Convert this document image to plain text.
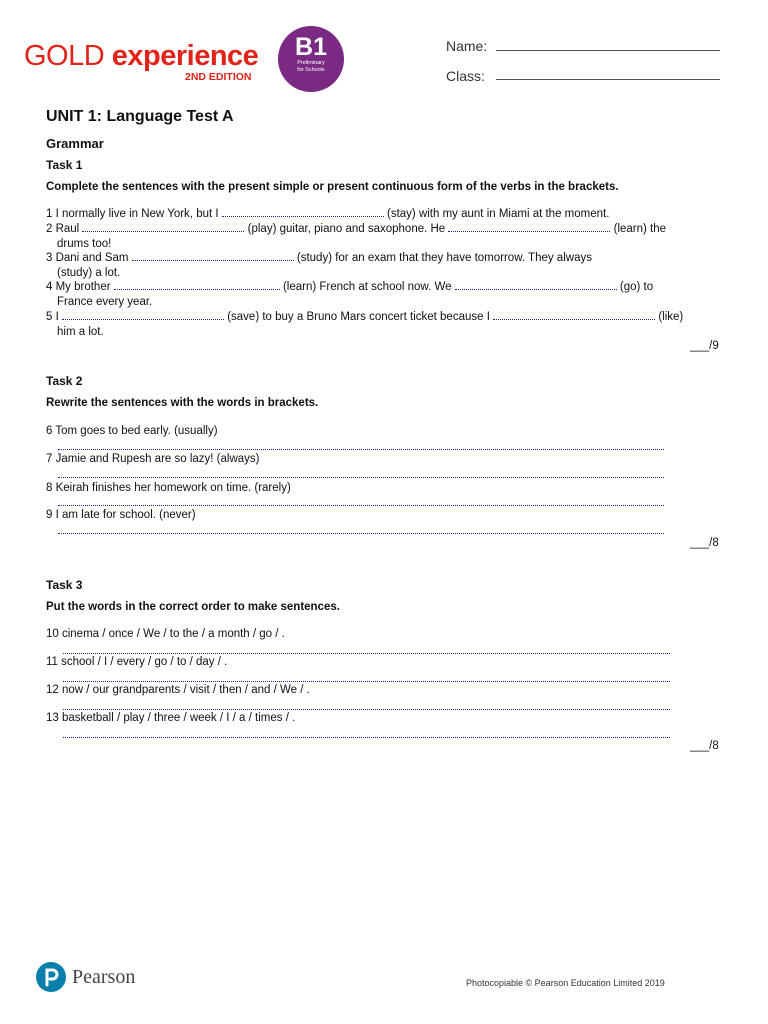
GOLD experience
2ND EDITION
B1
Preliminary
for Schools
Name:
Class:
UNIT 1: Language Test A
Grammar
Task 1
Complete the sentences with the present simple or present continuous form of the verbs in the brackets.
1 I normally live in New York, but I	(stay) with my aunt in Miami at the moment.
2 Raul	(play) guitar, piano and saxophone. He	(learn) the
drums too!
3 Dani and Sam	(study) for an exam that they have tomorrow. They always
(study) a lot.
4 My brother	(learn) French at school now. We	(go) to
France every year.
5 I	(save) to buy a Bruno Mars concert ticket because I	(like)
him a lot.
___/9
Task 2
Rewrite the sentences with the words in brackets.
6 Tom goes to bed early. (usually)
7 Jamie and Rupesh are so lazy! (always)
8 Keirah finishes her homework on time. (rarely)
9 I am late for school. (never)
___/8
Task 3
Put the words in the correct order to make sentences.
10 cinema / once / We / to the / a month / go / .
11 school / I / every / go / to / day / .
12 now / our grandparents / visit / then / and / We / .
13 basketball / play / three / week / I / a / times / .
___/8
Pearson	Photocopiable © Pearson Education Limited 2019
